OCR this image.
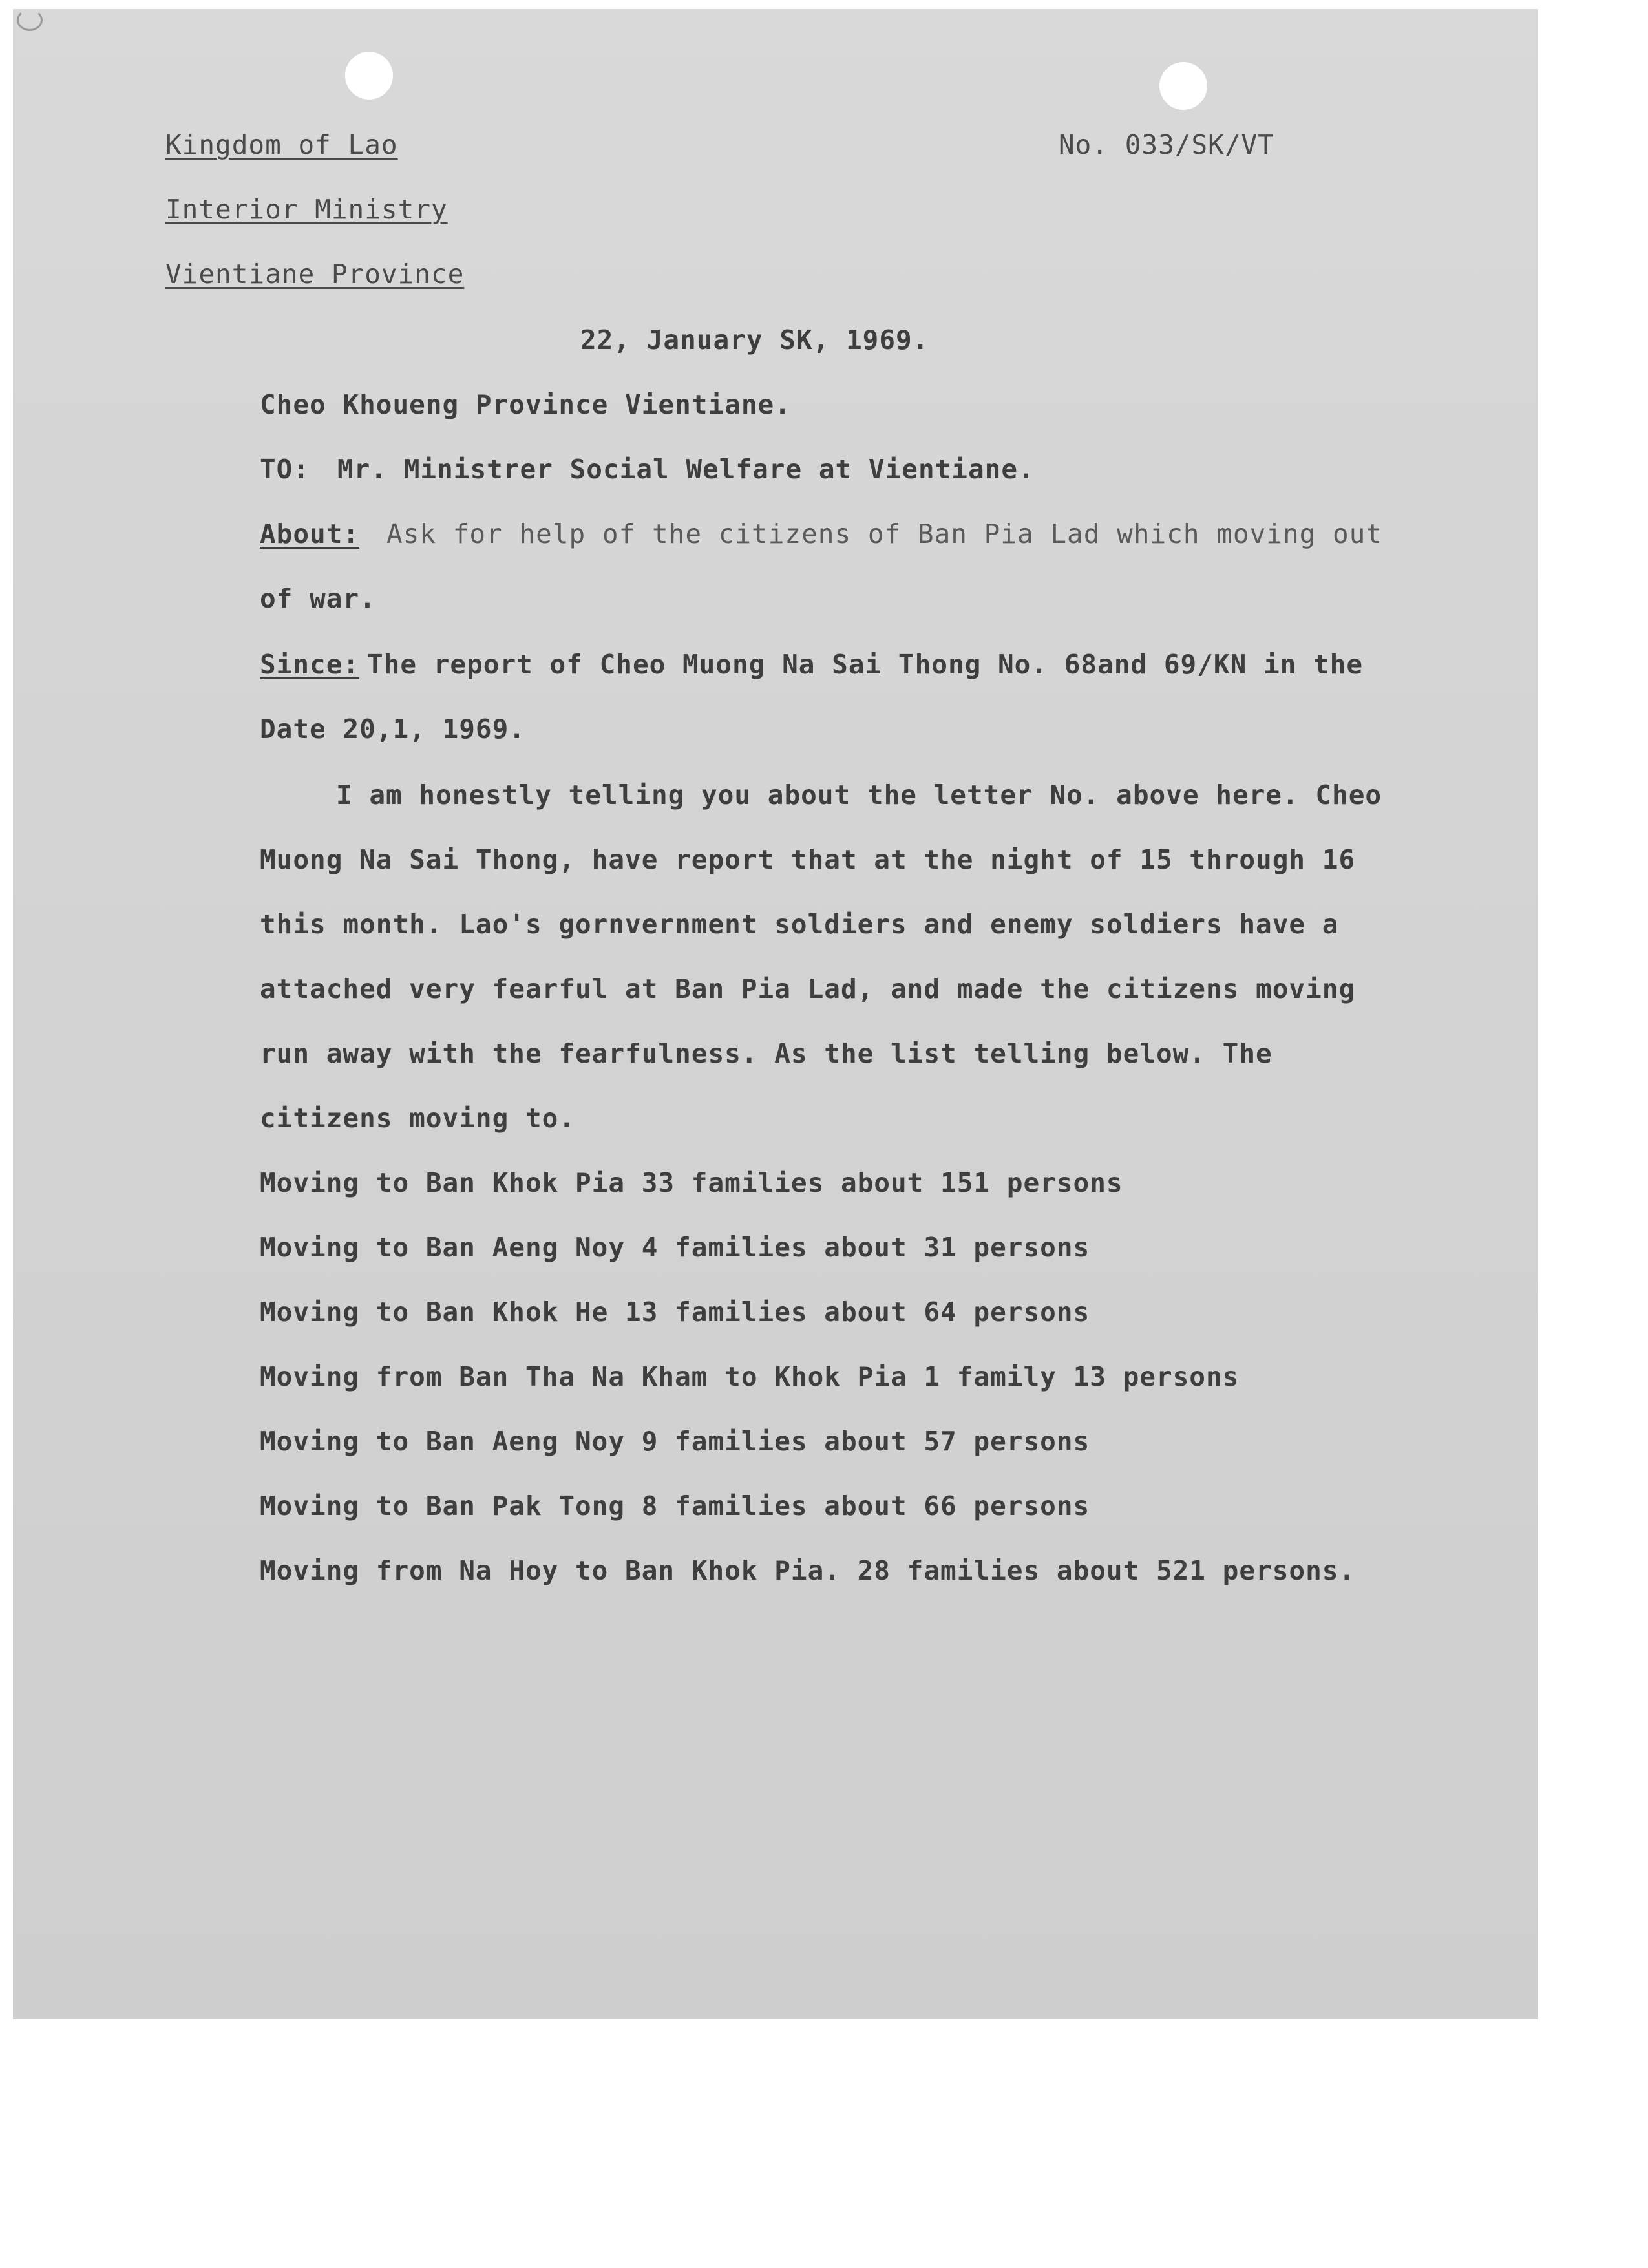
Kingdom of Lao

Interior Ministry

Vientiane Province

No. 033/SK/VT

22, January SK, 1969.

Cheo Khoueng Province Vientiane.

TO: Mr. Ministrer Social Welfare at Vientiane.

About: Ask for help of the citizens of Ban Pia Lad which moving out

of war.

Since: The report of Cheo Muong Na Sai Thong No. 68and 69/KN in the

Date 20,1, 1969.

I am honestly telling you about the letter No. above here. Cheo

Muong Na Sai Thong, have report that at the night of 15 through 16

this month. Lao's gornvernment soldiers and enemy soldiers have a

attached very fearful at Ban Pia Lad, and made the citizens moving

run away with the fearfulness. As the list telling below. The

citizens moving to.

Moving to Ban Khok Pia 33 families about 151 persons

Moving to Ban Aeng Noy 4 families about 31 persons

Moving to Ban Khok He 13 families about 64 persons

Moving from Ban Tha Na Kham to Khok Pia 1 family 13 persons

Moving to Ban Aeng Noy 9 families about 57 persons

Moving to Ban Pak Tong 8 families about 66 persons

Moving from Na Hoy to Ban Khok Pia. 28 families about 521 persons.
